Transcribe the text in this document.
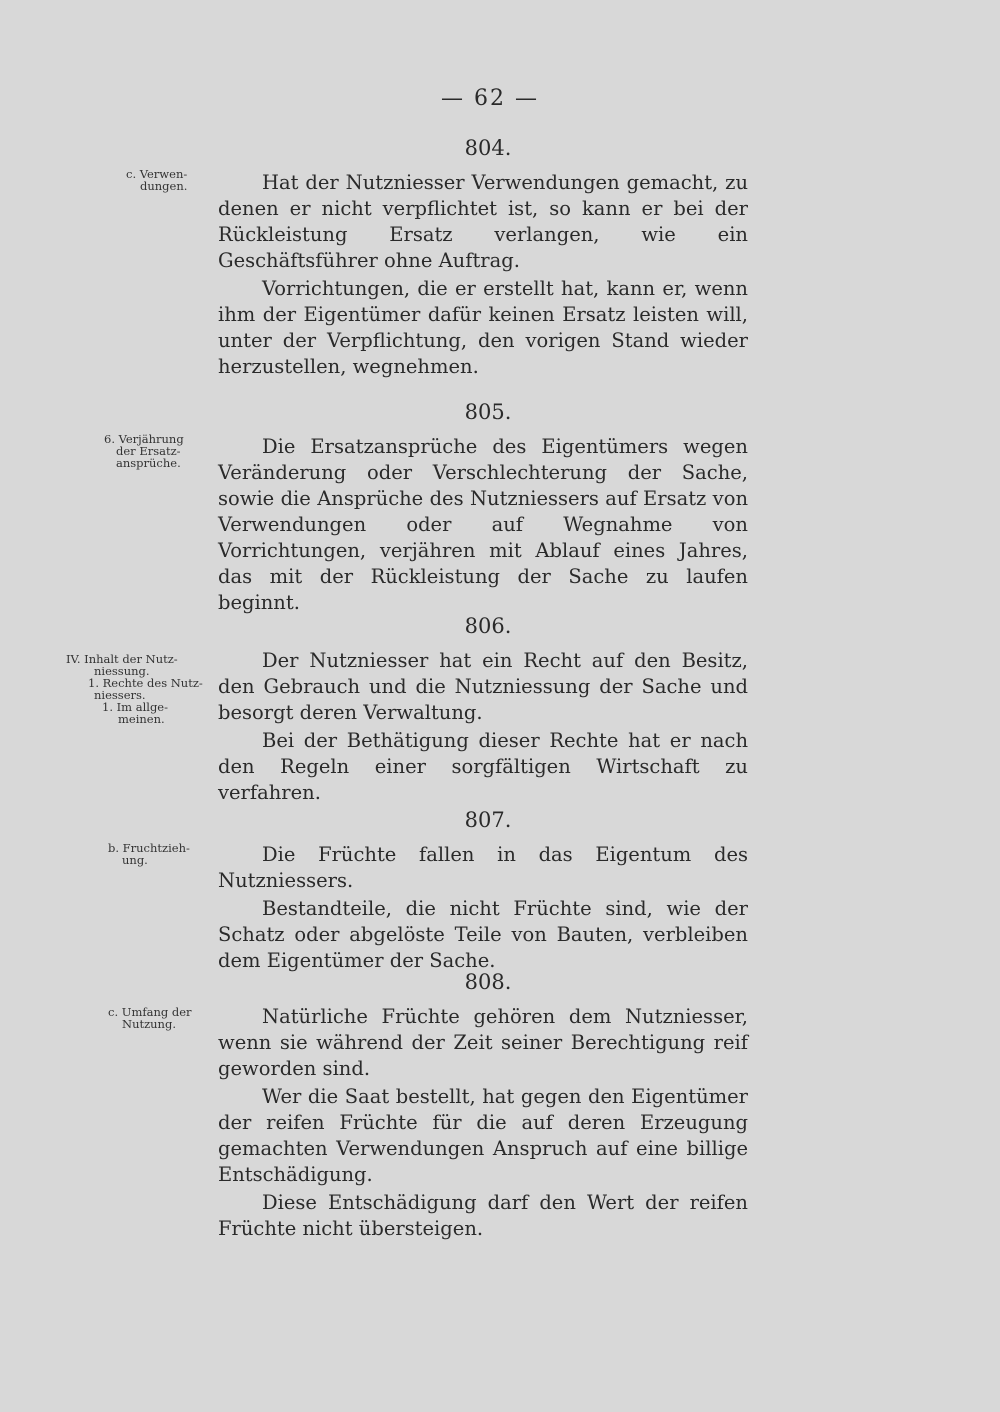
— 62 —
c. Verwen-
dungen.
6. Verjährung
der Ersatz-
ansprüche.
IV. Inhalt der Nutz-
niessung.
1. Rechte des Nutz-
niessers.
1. Im allge-
meinen.
b. Fruchtzieh-
ung.
c. Umfang der
Nutzung.
804.

Hat der Nutzniesser Verwendungen gemacht, zu denen er nicht verpflichtet ist, so kann er bei der Rückleistung Ersatz verlangen, wie ein Geschäftsführer ohne Auftrag.

Vorrichtungen, die er erstellt hat, kann er, wenn ihm der Eigentümer dafür keinen Ersatz leisten will, unter der Verpflichtung, den vorigen Stand wieder herzustellen, wegnehmen.

805.

Die Ersatzansprüche des Eigentümers wegen Veränderung oder Verschlechterung der Sache, sowie die Ansprüche des Nutzniessers auf Ersatz von Verwendungen oder auf Wegnahme von Vorrichtungen, verjähren mit Ablauf eines Jahres, das mit der Rückleistung der Sache zu laufen beginnt.

806.

Der Nutzniesser hat ein Recht auf den Besitz, den Gebrauch und die Nutzniessung der Sache und besorgt deren Verwaltung.

Bei der Bethätigung dieser Rechte hat er nach den Regeln einer sorgfältigen Wirtschaft zu verfahren.

807.

Die Früchte fallen in das Eigentum des Nutzniessers.

Bestandteile, die nicht Früchte sind, wie der Schatz oder abgelöste Teile von Bauten, verbleiben dem Eigentümer der Sache.

808.

Natürliche Früchte gehören dem Nutzniesser, wenn sie während der Zeit seiner Berechtigung reif geworden sind.

Wer die Saat bestellt, hat gegen den Eigentümer der reifen Früchte für die auf deren Erzeugung gemachten Verwendungen Anspruch auf eine billige Entschädigung.

Diese Entschädigung darf den Wert der reifen Früchte nicht übersteigen.
